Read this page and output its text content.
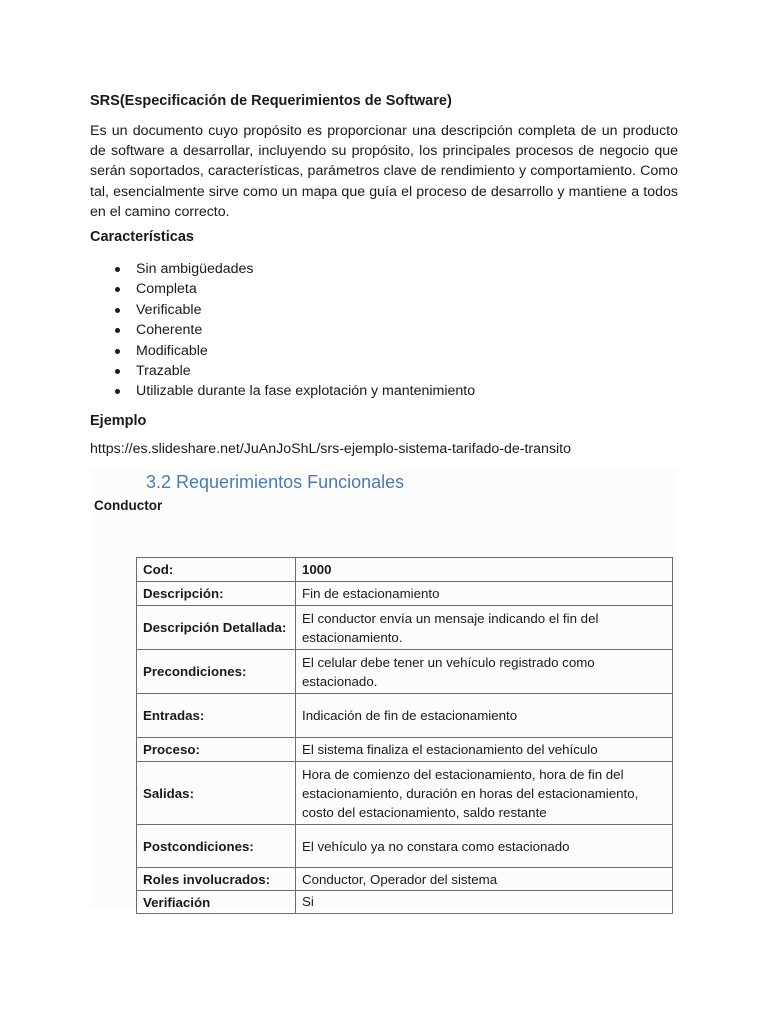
SRS(Especificación de Requerimientos de Software)
Es un documento cuyo propósito es proporcionar una descripción completa de un producto de software a desarrollar, incluyendo su propósito, los principales procesos de negocio que serán soportados, características, parámetros clave de rendimiento y comportamiento. Como tal, esencialmente sirve como un mapa que guía el proceso de desarrollo y mantiene a todos en el camino correcto.
Características
Sin ambigüedades
Completa
Verificable
Coherente
Modificable
Trazable
Utilizable durante la fase explotación y mantenimiento
Ejemplo
https://es.slideshare.net/JuAnJoShL/srs-ejemplo-sistema-tarifado-de-transito
3.2 Requerimientos Funcionales
Conductor
Cod:	1000
Descripción:	Fin de estacionamiento
Descripción Detallada:	El conductor envía un mensaje indicando el fin del estacionamiento.
Precondiciones:	El celular debe tener un vehículo registrado como estacionado.
Entradas:	Indicación de fin de estacionamiento
Proceso:	El sistema finaliza el estacionamiento del vehículo
Salidas:	Hora de comienzo del estacionamiento, hora de fin del estacionamiento, duración en horas del estacionamiento, costo del estacionamiento, saldo restante
Postcondiciones:	El vehículo ya no constara como estacionado
Roles involucrados:	Conductor, Operador del sistema
Verifiación	Si
